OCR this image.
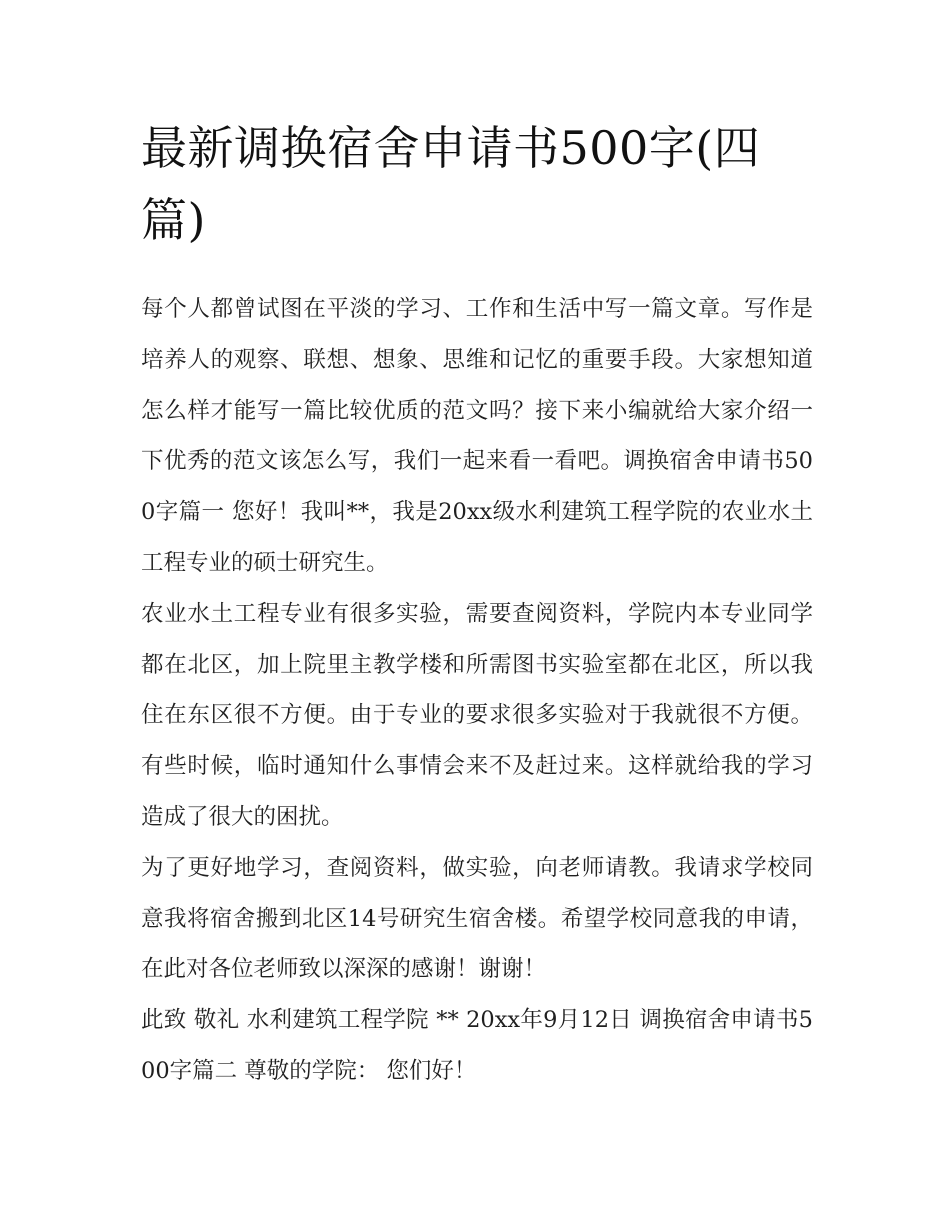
最新调换宿舍申请书500字(四篇)

每个人都曾试图在平淡的学习、工作和生活中写一篇文章。写作是培养人的观察、联想、想象、思维和记忆的重要手段。大家想知道怎么样才能写一篇比较优质的范文吗？接下来小编就给大家介绍一下优秀的范文该怎么写，我们一起来看一看吧。调换宿舍申请书500字篇一 您好！我叫**，我是20xx级水利建筑工程学院的农业水土工程专业的硕士研究生。

农业水土工程专业有很多实验，需要查阅资料，学院内本专业同学都在北区，加上院里主教学楼和所需图书实验室都在北区，所以我住在东区很不方便。由于专业的要求很多实验对于我就很不方便。有些时候，临时通知什么事情会来不及赶过来。这样就给我的学习造成了很大的困扰。

为了更好地学习，查阅资料，做实验，向老师请教。我请求学校同意我将宿舍搬到北区14号研究生宿舍楼。希望学校同意我的申请，在此对各位老师致以深深的感谢！谢谢！

此致 敬礼 水利建筑工程学院 ** 20xx年9月12日 调换宿舍申请书500字篇二 尊敬的学院： 您们好！
